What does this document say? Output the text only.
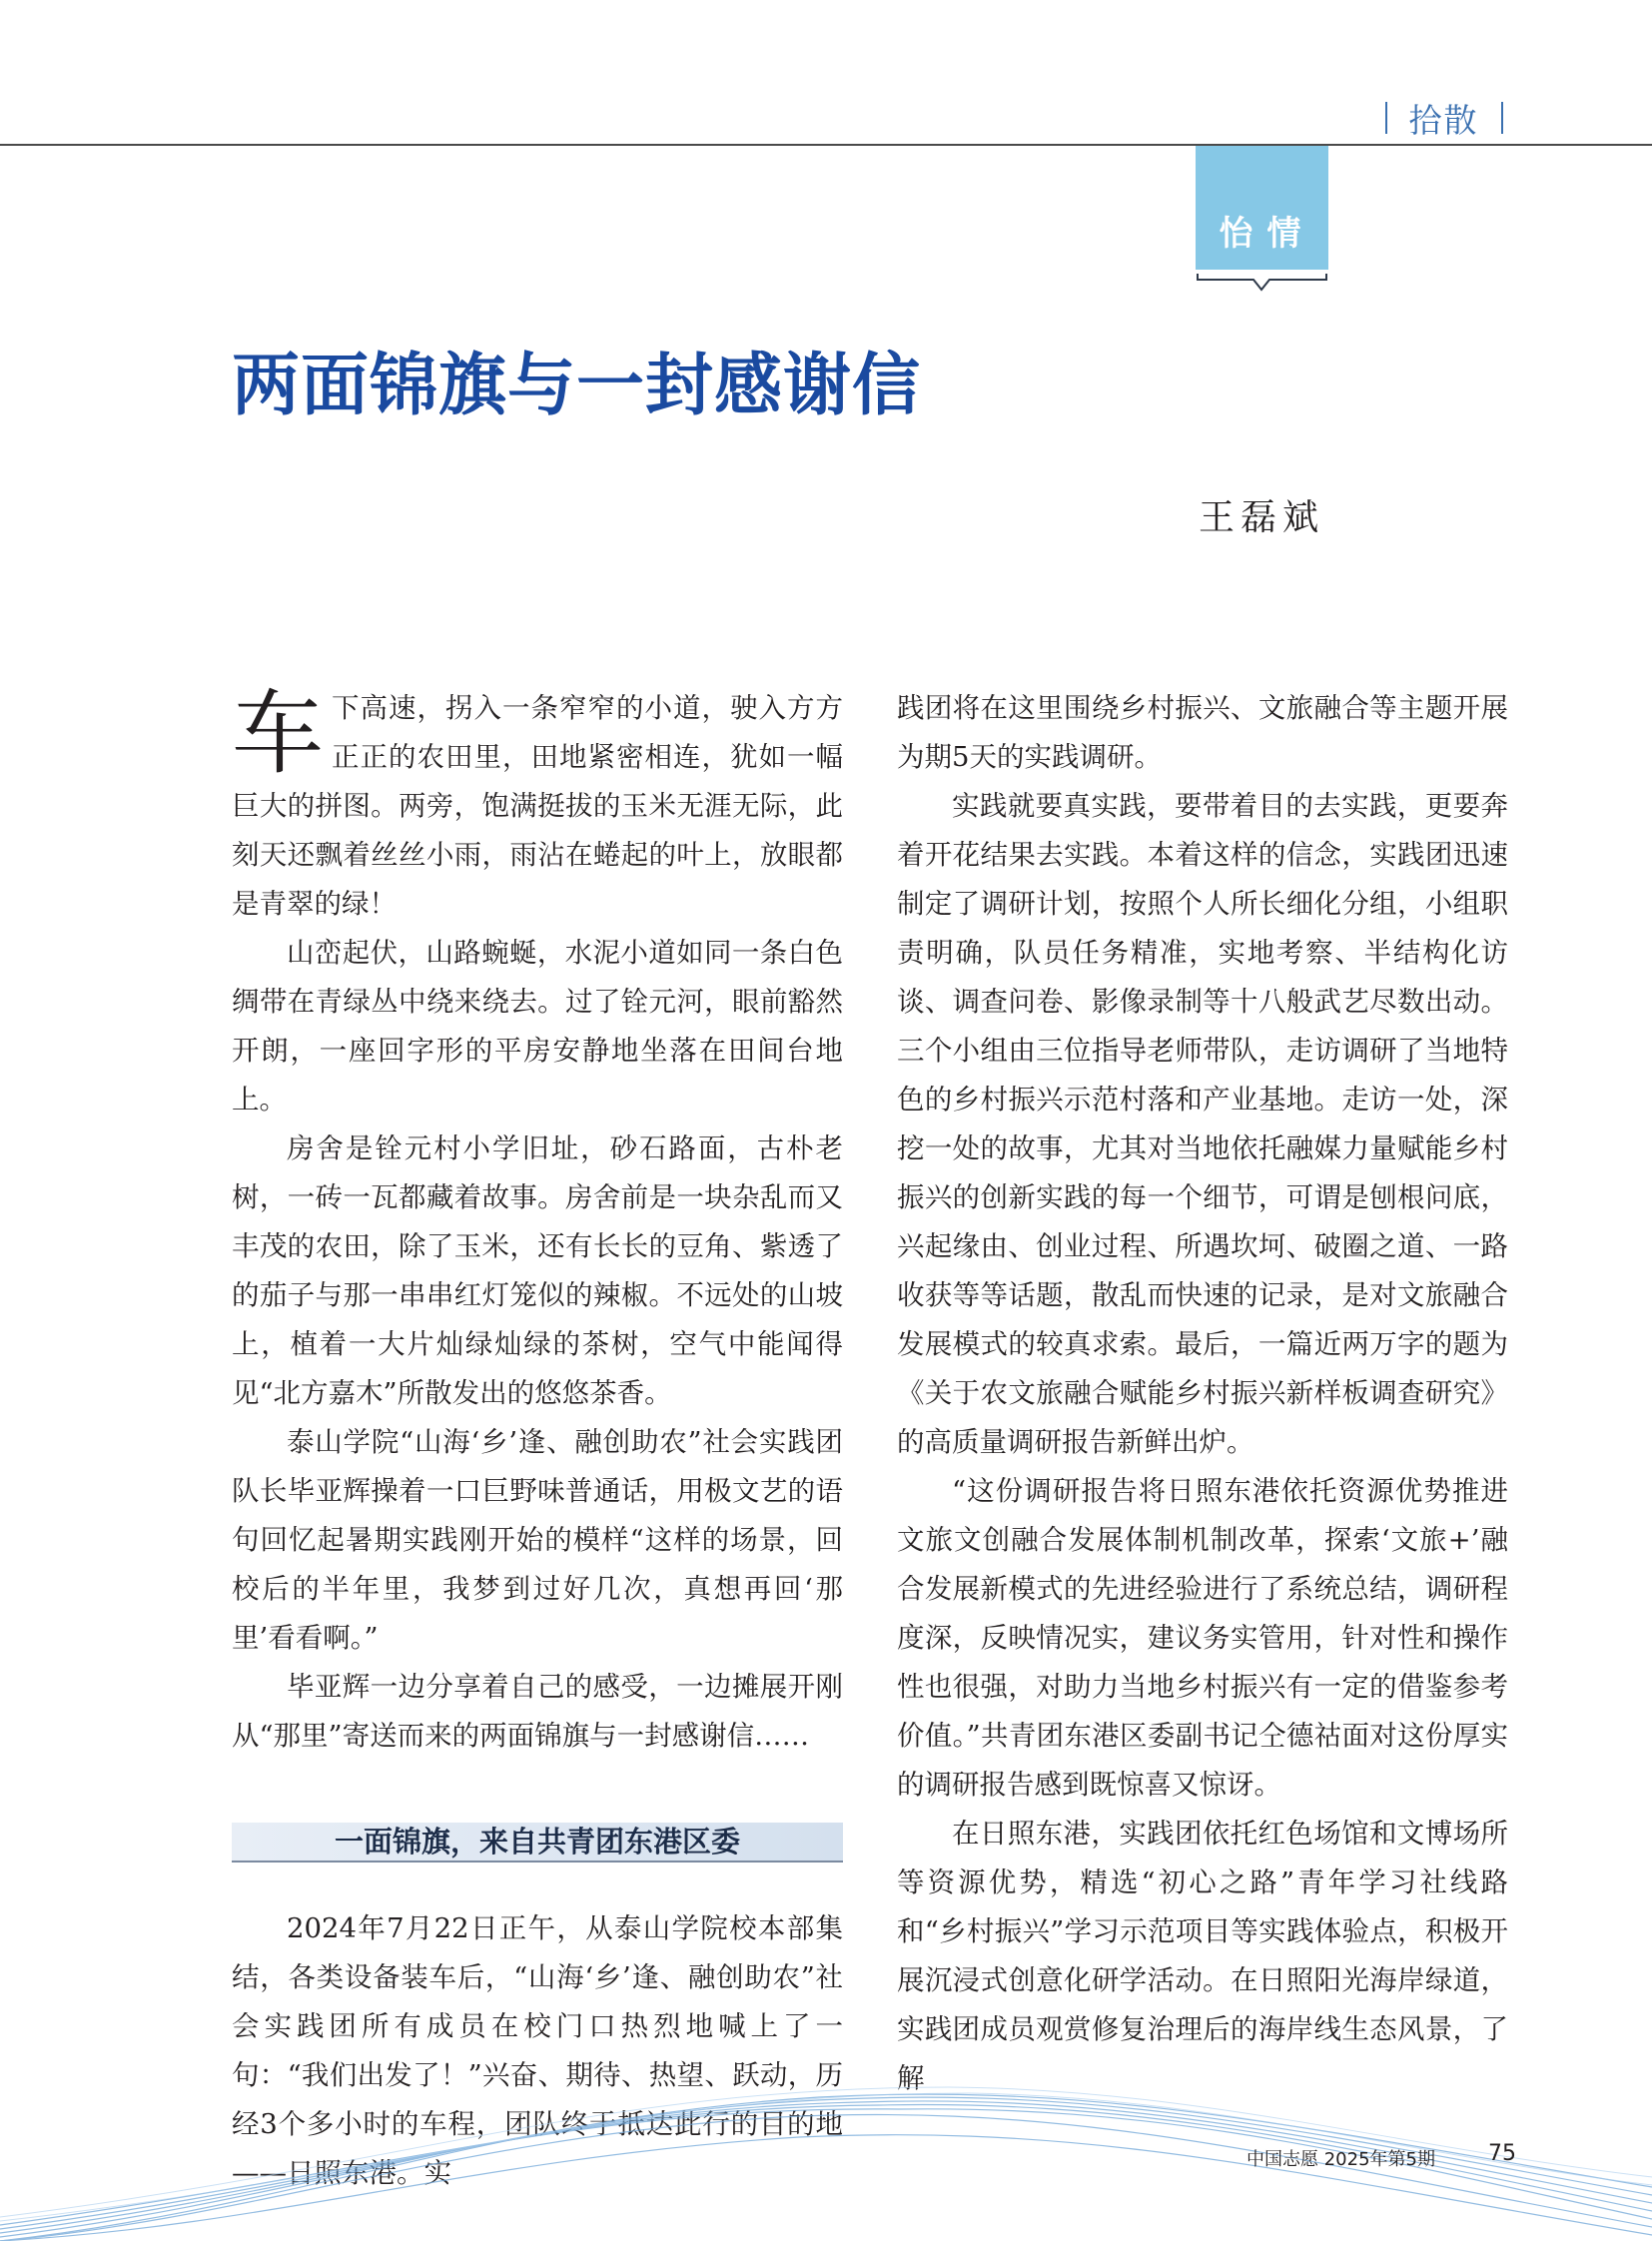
拾散
怡情
两面锦旗与一封感谢信
王磊斌

车下高速，拐入一条窄窄的小道，驶入方方正正的农田里，田地紧密相连，犹如一幅巨大的拼图。两旁，饱满挺拔的玉米无涯无际，此刻天还飘着丝丝小雨，雨沾在蜷起的叶上，放眼都是青翠的绿！

山峦起伏，山路蜿蜒，水泥小道如同一条白色绸带在青绿丛中绕来绕去。过了铨元河，眼前豁然开朗，一座回字形的平房安静地坐落在田间台地上。

房舍是铨元村小学旧址，砂石路面，古朴老树，一砖一瓦都藏着故事。房舍前是一块杂乱而又丰茂的农田，除了玉米，还有长长的豆角、紫透了的茄子与那一串串红灯笼似的辣椒。不远处的山坡上，植着一大片灿绿灿绿的茶树，空气中能闻得见“北方嘉木”所散发出的悠悠茶香。

泰山学院“山海‘乡’逢、融创助农”社会实践团队长毕亚辉操着一口巨野味普通话，用极文艺的语句回忆起暑期实践刚开始的模样“这样的场景，回校后的半年里，我梦到过好几次，真想再回‘那里’看看啊。”

毕亚辉一边分享着自己的感受，一边摊展开刚从“那里”寄送而来的两面锦旗与一封感谢信……

一面锦旗，来自共青团东港区委

2024年7月22日正午，从泰山学院校本部集结，各类设备装车后，“山海‘乡’逢、融创助农”社会实践团所有成员在校门口热烈地喊上了一句：“我们出发了！”兴奋、期待、热望、跃动，历经3个多小时的车程，团队终于抵达此行的目的地——日照东港。实

践团将在这里围绕乡村振兴、文旅融合等主题开展为期5天的实践调研。

实践就要真实践，要带着目的去实践，更要奔着开花结果去实践。本着这样的信念，实践团迅速制定了调研计划，按照个人所长细化分组，小组职责明确，队员任务精准，实地考察、半结构化访谈、调查问卷、影像录制等十八般武艺尽数出动。三个小组由三位指导老师带队，走访调研了当地特色的乡村振兴示范村落和产业基地。走访一处，深挖一处的故事，尤其对当地依托融媒力量赋能乡村振兴的创新实践的每一个细节，可谓是刨根问底，兴起缘由、创业过程、所遇坎坷、破圈之道、一路收获等等话题，散乱而快速的记录，是对文旅融合发展模式的较真求索。最后，一篇近两万字的题为《关于农文旅融合赋能乡村振兴新样板调查研究》的高质量调研报告新鲜出炉。

“这份调研报告将日照东港依托资源优势推进文旅文创融合发展体制机制改革，探索‘文旅+’融合发展新模式的先进经验进行了系统总结，调研程度深，反映情况实，建议务实管用，针对性和操作性也很强，对助力当地乡村振兴有一定的借鉴参考价值。”共青团东港区委副书记仝德祜面对这份厚实的调研报告感到既惊喜又惊讶。

在日照东港，实践团依托红色场馆和文博场所等资源优势，精选“初心之路”青年学习社线路和“乡村振兴”学习示范项目等实践体验点，积极开展沉浸式创意化研学活动。在日照阳光海岸绿道，实践团成员观赏修复治理后的海岸线生态风景，了解

中国志愿 2025年第5期 75
